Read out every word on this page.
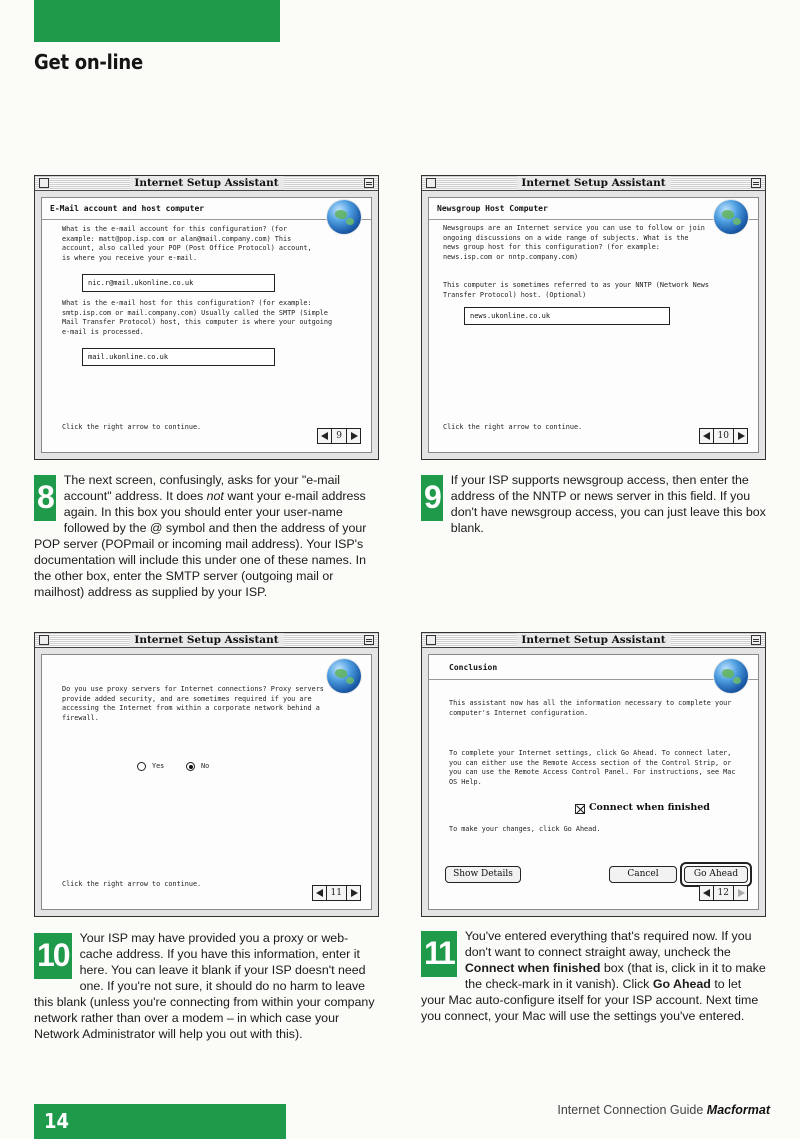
Get on-line
Internet Setup Assistant
E-Mail account and host computer
What is the e-mail account for this configuration? (for example: matt@pop.isp.com or alan@mail.company.com) This account, also called your POP (Post Office Protocol) account, is where you receive your e-mail.
nic.r@mail.ukonline.co.uk
What is the e-mail host for this configuration? (for example: smtp.isp.com or mail.company.com) Usually called the SMTP (Simple Mail Transfer Protocol) host, this computer is where your outgoing e-mail is processed.
mail.ukonline.co.uk
Click the right arrow to continue.
9
Internet Setup Assistant
Newsgroup Host Computer
Newsgroups are an Internet service you can use to follow or join ongoing discussions on a wide range of subjects. What is the news group host for this configuration? (for example: news.isp.com or nntp.company.com)
This computer is sometimes referred to as your NNTP (Network News Transfer Protocol) host. (Optional)
news.ukonline.co.uk
Click the right arrow to continue.
10
8 The next screen, confusingly, asks for your "e-mail account" address. It does not want your e-mail address again. In this box you should enter your user-name followed by the @ symbol and then the address of your POP server (POPmail or incoming mail address). Your ISP's documentation will include this under one of these names. In the other box, enter the SMTP server (outgoing mail or mailhost) address as supplied by your ISP.
9 If your ISP supports newsgroup access, then enter the address of the NNTP or news server in this field. If you don't have newsgroup access, you can just leave this box blank.
Internet Setup Assistant
Do you use proxy servers for Internet connections? Proxy servers provide added security, and are sometimes required if you are accessing the Internet from within a corporate network behind a firewall.
Yes	No
Click the right arrow to continue.
11
Internet Setup Assistant
Conclusion
This assistant now has all the information necessary to complete your computer's Internet configuration.
To complete your Internet settings, click Go Ahead. To connect later, you can either use the Remote Access section of the Control Strip, or you can use the Remote Access Control Panel. For instructions, see Mac OS Help.
Connect when finished
To make your changes, click Go Ahead.
Show Details	Cancel	Go Ahead
12
10 Your ISP may have provided you a proxy or web-cache address. If you have this information, enter it here. You can leave it blank if your ISP doesn't need one. If you're not sure, it should do no harm to leave this blank (unless you're connecting from within your company network rather than over a modem – in which case your Network Administrator will help you out with this).
11 You've entered everything that's required now. If you don't want to connect straight away, uncheck the Connect when finished box (that is, click in it to make the check-mark in it vanish). Click Go Ahead to let your Mac auto-configure itself for your ISP account. Next time you connect, your Mac will use the settings you've entered.
14	Internet Connection Guide Macformat
